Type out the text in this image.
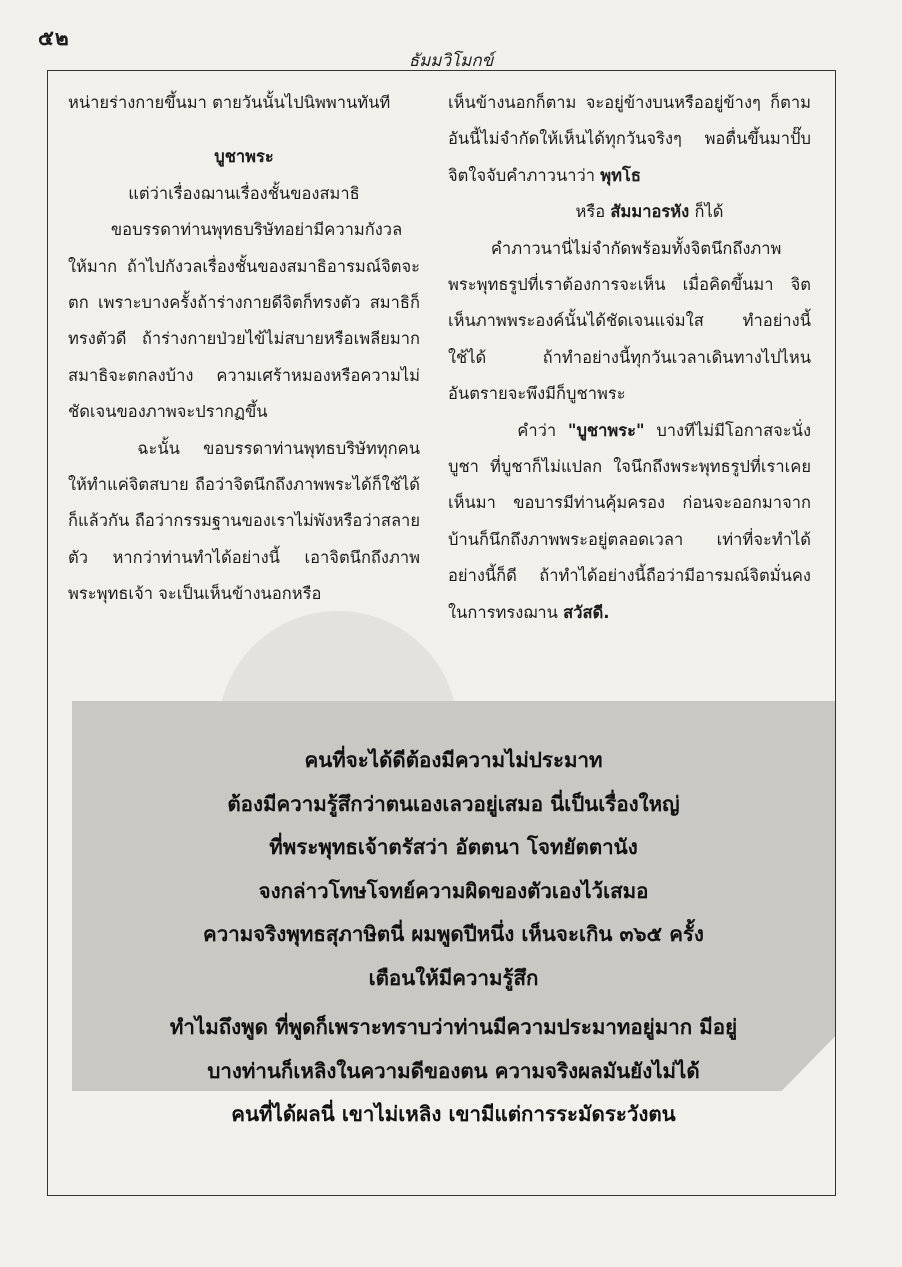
๕๒
ธัมมวิโมกข์

หน่ายร่างกายขึ้นมา ตายวันนั้นไปนิพพานทันที

บูชาพระ

แต่ว่าเรื่องฌานเรื่องชั้นของสมาธิ

ขอบรรดาท่านพุทธบริษัทอย่ามีความกังวลให้มาก ถ้าไปกังวลเรื่องชั้นของสมาธิอารมณ์จิตจะตก เพราะบางครั้งถ้าร่างกายดีจิตก็ทรงตัว สมาธิก็ทรงตัวดี ถ้าร่างกายป่วยไข้ไม่สบายหรือเพลียมาก สมาธิจะตกลงบ้าง ความเศร้าหมองหรือความไม่ชัดเจนของภาพจะปรากฏขึ้น

ฉะนั้น ขอบรรดาท่านพุทธบริษัททุกคนให้ทำแค่จิตสบาย ถือว่าจิตนึกถึงภาพพระได้ก็ใช้ได้ก็แล้วกัน ถือว่ากรรมฐานของเราไม่พังหรือว่าสลายตัว หากว่าท่านทำได้อย่างนี้ เอาจิตนึกถึงภาพพระพุทธเจ้า จะเป็นเห็นข้างนอกหรือ

เห็นข้างนอกก็ตาม จะอยู่ข้างบนหรืออยู่ข้างๆ ก็ตาม อันนี้ไม่จำกัดให้เห็นได้ทุกวันจริงๆ พอตื่นขึ้นมาปั๊บจิตใจจับคำภาวนาว่า พุทโธ

หรือ สัมมาอรหัง ก็ได้

คำภาวนานี่ไม่จำกัดพร้อมทั้งจิตนึกถึงภาพพระพุทธรูปที่เราต้องการจะเห็น เมื่อคิดขึ้นมา จิตเห็นภาพพระองค์นั้นได้ชัดเจนแจ่มใส ทำอย่างนี้ใช้ได้ ถ้าทำอย่างนี้ทุกวันเวลาเดินทางไปไหน อันตรายจะพึงมีก็บูชาพระ

คำว่า "บูชาพระ" บางทีไม่มีโอกาสจะนั่งบูชา ที่บูชาก็ไม่แปลก ใจนึกถึงพระพุทธรูปที่เราเคยเห็นมา ขอบารมีท่านคุ้มครอง ก่อนจะออกมาจากบ้านก็นึกถึงภาพพระอยู่ตลอดเวลา เท่าที่จะทำได้อย่างนี้ก็ดี ถ้าทำได้อย่างนี้ถือว่ามีอารมณ์จิตมั่นคงในการทรงฌาน สวัสดี.

คนที่จะได้ดีต้องมีความไม่ประมาท

ต้องมีความรู้สึกว่าตนเองเลวอยู่เสมอ นี่เป็นเรื่องใหญ่

ที่พระพุทธเจ้าตรัสว่า อัตตนา โจทยัตตานัง

จงกล่าวโทษโจทย์ความผิดของตัวเองไว้เสมอ

ความจริงพุทธสุภาษิตนี่ ผมพูดปีหนึ่ง เห็นจะเกิน ๓๖๕ ครั้ง

เตือนให้มีความรู้สึก

ทำไมถึงพูด ที่พูดก็เพราะทราบว่าท่านมีความประมาทอยู่มาก มีอยู่

บางท่านก็เหลิงในความดีของตน ความจริงผลมันยังไม่ได้

คนที่ได้ผลนี่ เขาไม่เหลิง เขามีแต่การระมัดระวังตน
